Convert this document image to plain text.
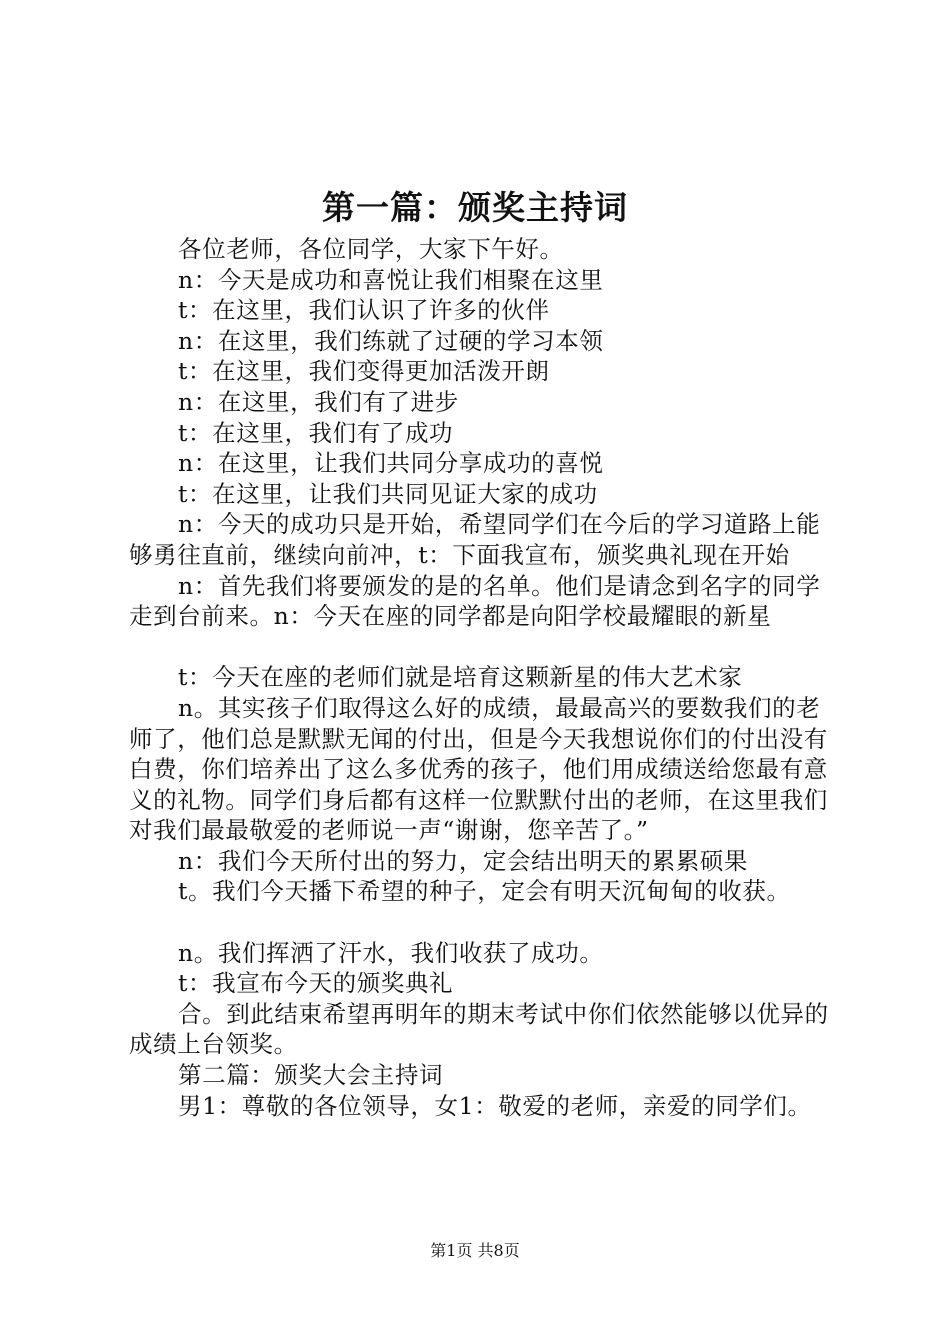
第一篇：颁奖主持词

各位老师，各位同学，大家下午好。

n：今天是成功和喜悦让我们相聚在这里

t：在这里，我们认识了许多的伙伴

n：在这里，我们练就了过硬的学习本领

t：在这里，我们变得更加活泼开朗

n：在这里，我们有了进步

t：在这里，我们有了成功

n：在这里，让我们共同分享成功的喜悦

t：在这里，让我们共同见证大家的成功

n：今天的成功只是开始，希望同学们在今后的学习道路上能够勇往直前，继续向前冲，t：下面我宣布，颁奖典礼现在开始

n：首先我们将要颁发的是的名单。他们是请念到名字的同学走到台前来。n：今天在座的同学都是向阳学校最耀眼的新星

t：今天在座的老师们就是培育这颗新星的伟大艺术家

n。其实孩子们取得这么好的成绩，最最高兴的要数我们的老师了，他们总是默默无闻的付出，但是今天我想说你们的付出没有白费，你们培养出了这么多优秀的孩子，他们用成绩送给您最有意义的礼物。同学们身后都有这样一位默默付出的老师，在这里我们对我们最最敬爱的老师说一声“谢谢，您辛苦了。”

n：我们今天所付出的努力，定会结出明天的累累硕果

t。我们今天播下希望的种子，定会有明天沉甸甸的收获。

n。我们挥洒了汗水，我们收获了成功。

t：我宣布今天的颁奖典礼

合。到此结束希望再明年的期末考试中你们依然能够以优异的成绩上台领奖。

第二篇：颁奖大会主持词

男1：尊敬的各位领导，女1：敬爱的老师，亲爱的同学们。

第1页 共8页
